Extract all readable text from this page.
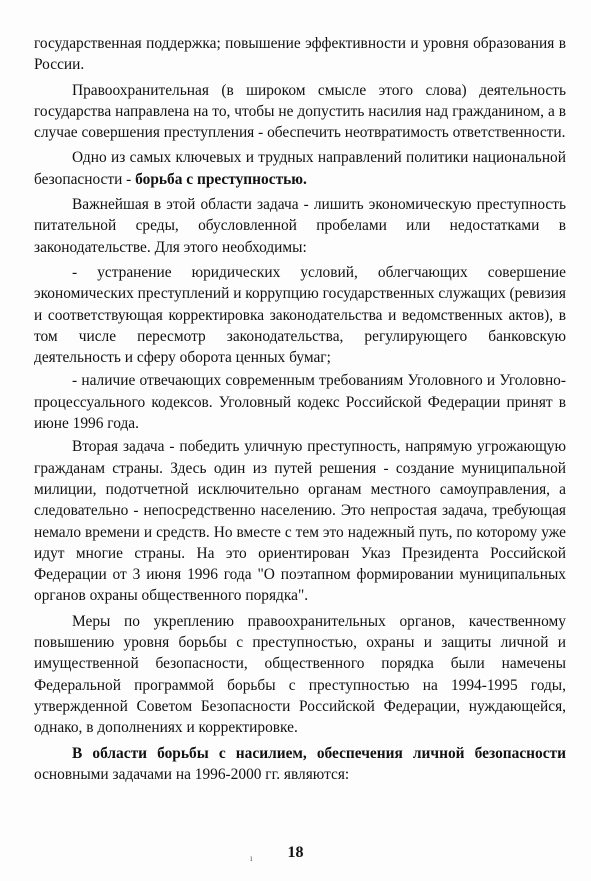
государственная поддержка; повышение эффективности и уровня образования в России.

Правоохранительная (в широком смысле этого слова) деятельность государства направлена на то, чтобы не допустить насилия над гражданином, а в случае совершения преступления - обеспечить неотвратимость ответственности.

Одно из самых ключевых и трудных направлений политики национальной безопасности - борьба с преступностью.

Важнейшая в этой области задача - лишить экономическую преступность питательной среды, обусловленной пробелами или недостатками в законодательстве. Для этого необходимы:

- устранение юридических условий, облегчающих совершение экономических преступлений и коррупцию государственных служащих (ревизия и соответствующая корректировка законодательства и ведомственных актов), в том числе пересмотр законодательства, регулирующего банковскую деятельность и сферу оборота ценных бумаг;

- наличие отвечающих современным требованиям Уголовного и Уголовно-процессуального кодексов. Уголовный кодекс Российской Федерации принят в июне 1996 года.

Вторая задача - победить уличную преступность, напрямую угрожающую гражданам страны. Здесь один из путей решения - создание муниципальной милиции, подотчетной исключительно органам местного самоуправления, а следовательно - непосредственно населению. Это непростая задача, требующая немало времени и средств. Но вместе с тем это надежный путь, по которому уже идут многие страны. На это ориентирован Указ Президента Российской Федерации от 3 июня 1996 года "О поэтапном формировании муниципальных органов охраны общественного порядка".

Меры по укреплению правоохранительных органов, качественному повышению уровня борьбы с преступностью, охраны и защиты личной и имущественной безопасности, общественного порядка были намечены Федеральной программой борьбы с преступностью на 1994-1995 годы, утвержденной Советом Безопасности Российской Федерации, нуждающейся, однако, в дополнениях и корректировке.

В области борьбы с насилием, обеспечения личной безопасности основными задачами на 1996-2000 гг. являются:

ı	18
